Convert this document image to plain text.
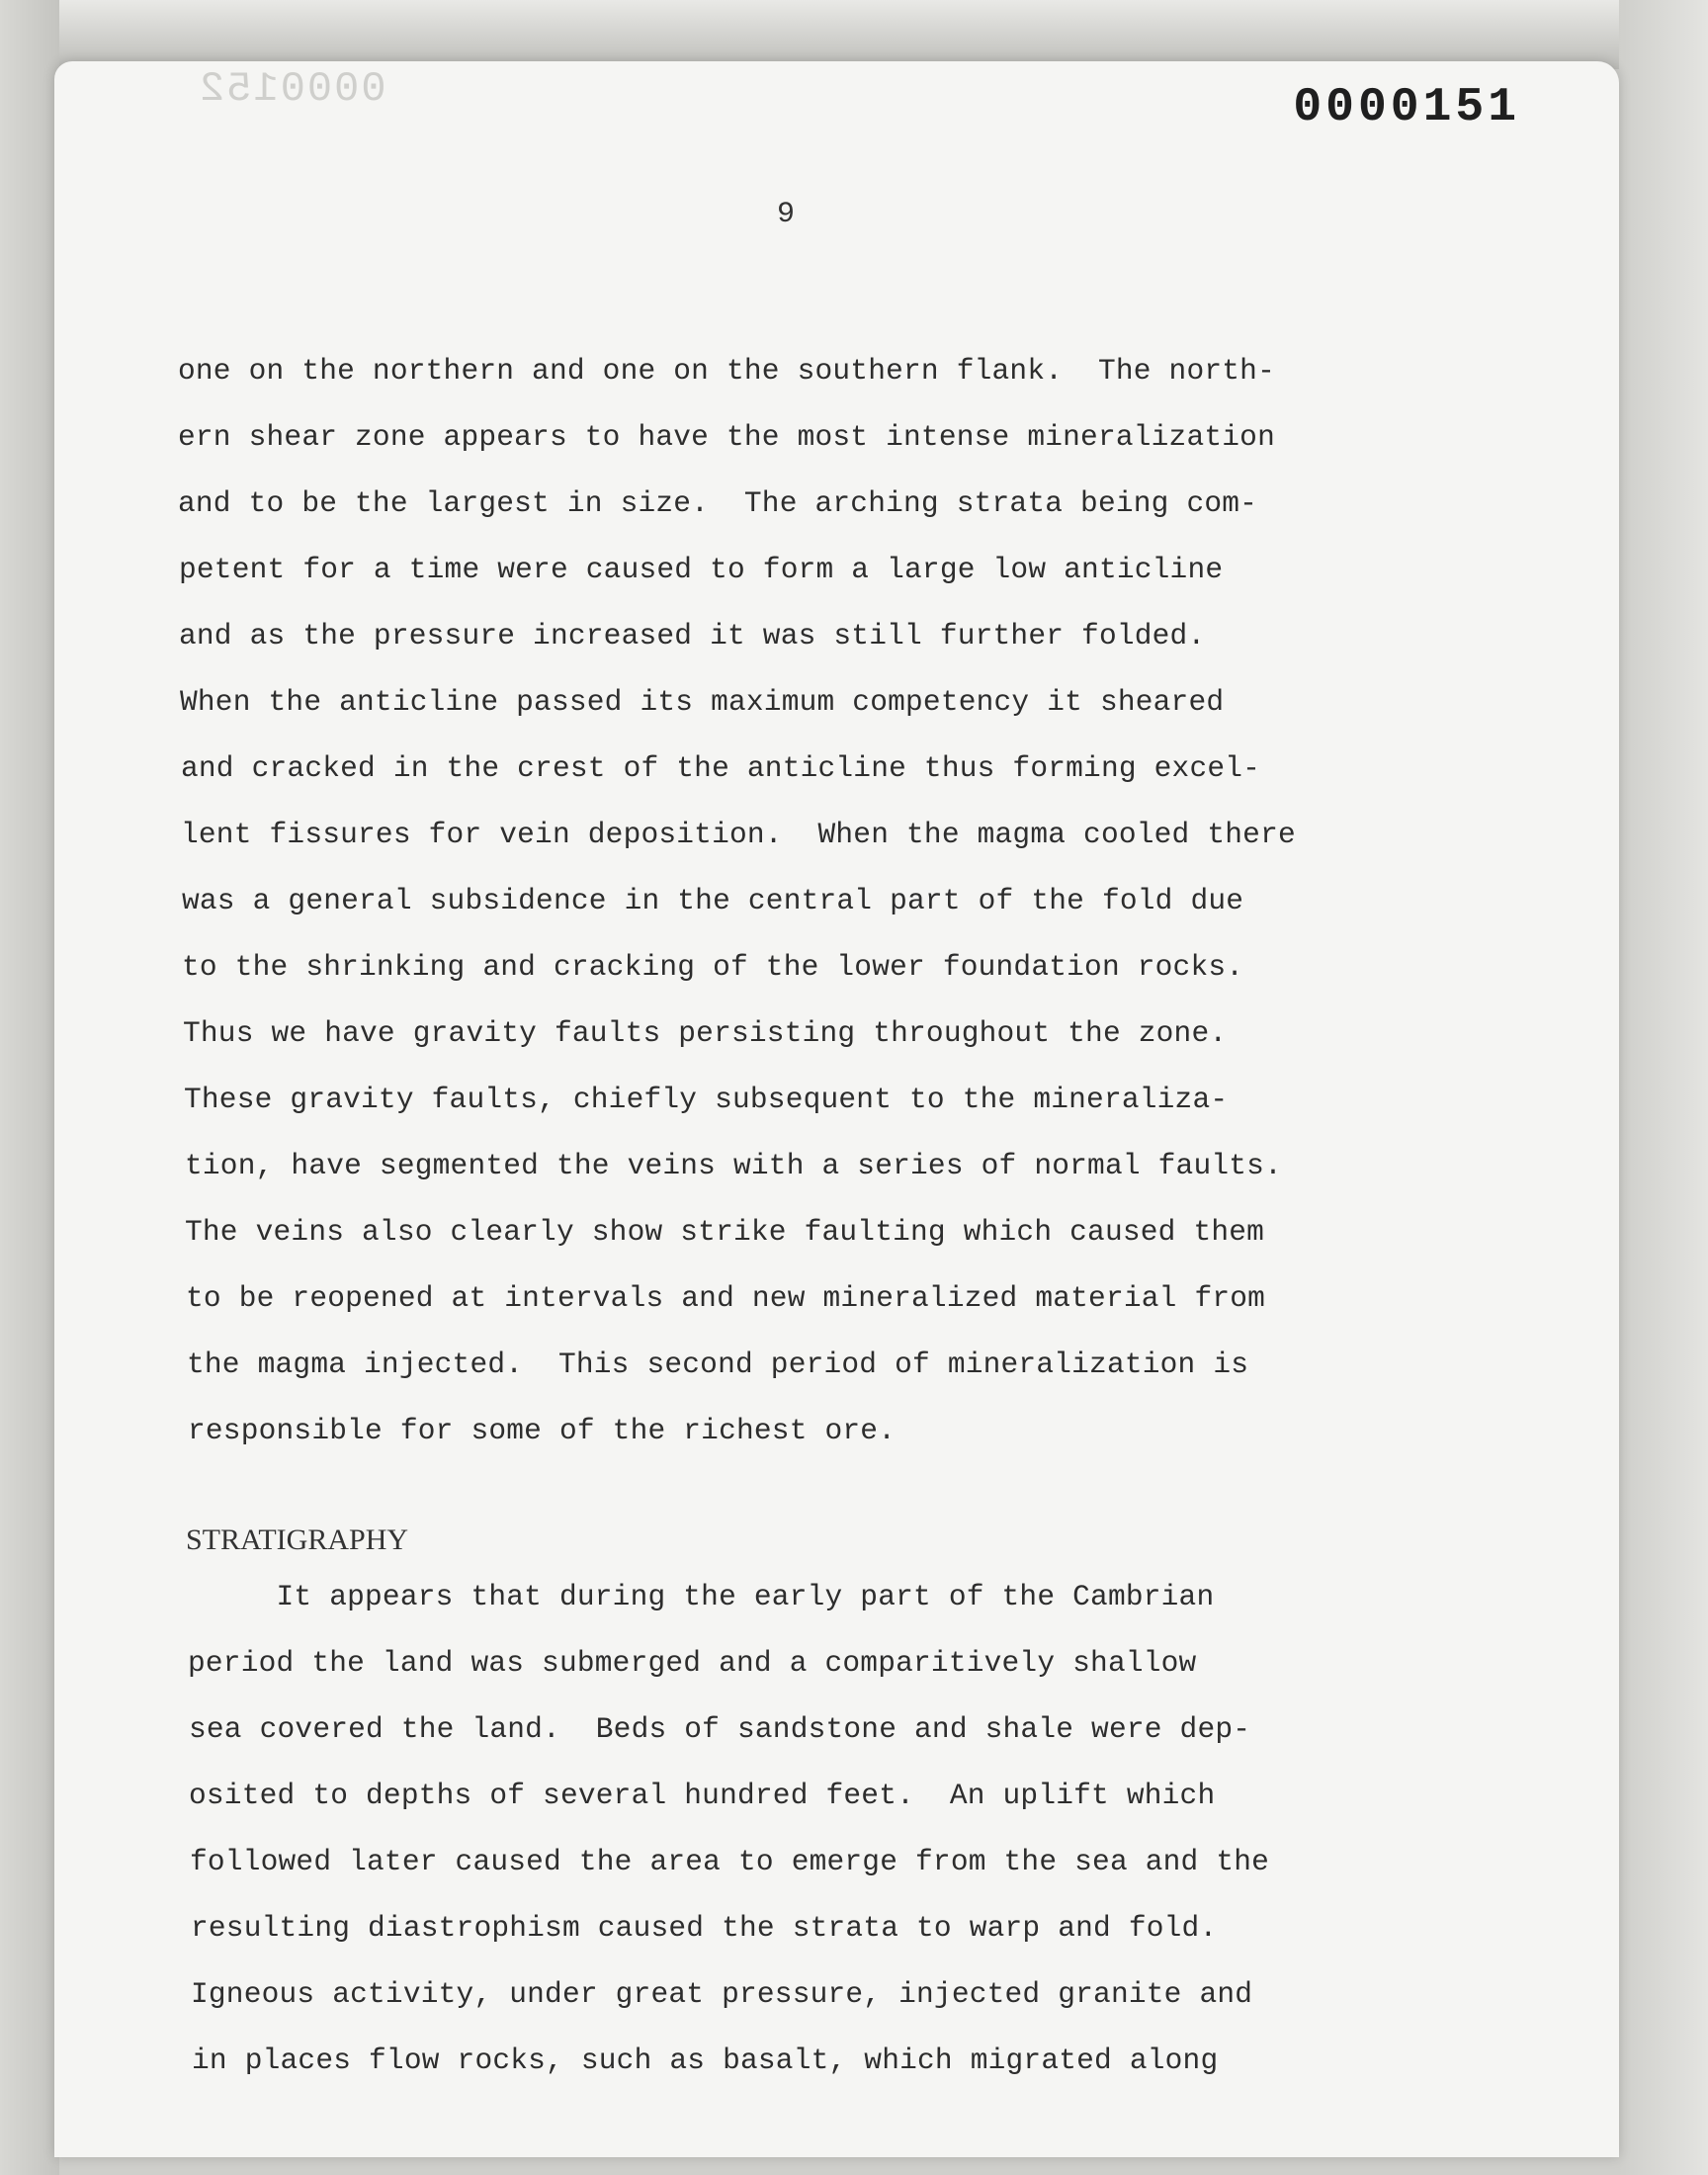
0000152	0000151
9
one on the northern and one on the southern flank.  The north-
ern shear zone appears to have the most intense mineralization
and to be the largest in size.  The arching strata being com-
petent for a time were caused to form a large low anticline
and as the pressure increased it was still further folded.
When the anticline passed its maximum competency it sheared
and cracked in the crest of the anticline thus forming excel-
lent fissures for vein deposition.  When the magma cooled there
was a general subsidence in the central part of the fold due
to the shrinking and cracking of the lower foundation rocks.
Thus we have gravity faults persisting throughout the zone.
These gravity faults, chiefly subsequent to the mineraliza-
tion, have segmented the veins with a series of normal faults.
The veins also clearly show strike faulting which caused them
to be reopened at intervals and new mineralized material from
the magma injected.  This second period of mineralization is
responsible for some of the richest ore.
STRATIGRAPHY
It appears that during the early part of the Cambrian
period the land was submerged and a comparitively shallow
sea covered the land.  Beds of sandstone and shale were dep-
osited to depths of several hundred feet.  An uplift which
followed later caused the area to emerge from the sea and the
resulting diastrophism caused the strata to warp and fold.
Igneous activity, under great pressure, injected granite and
in places flow rocks, such as basalt, which migrated along
